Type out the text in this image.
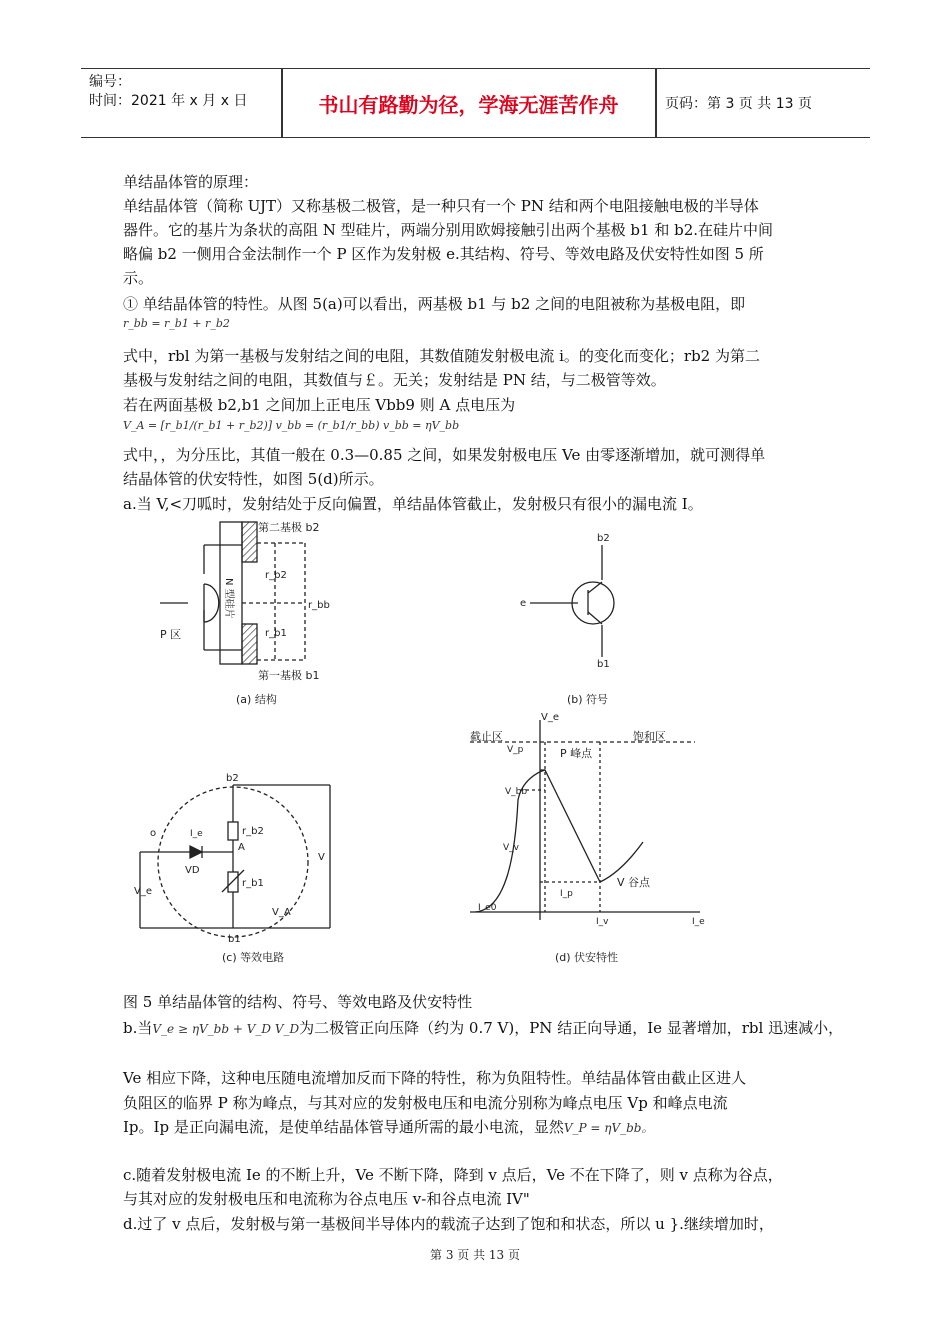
编号：
时间：2021 年 x 月 x 日	书山有路勤为径，学海无涯苦作舟	页码：第 3 页 共 13 页
单结晶体管的原理：
单结晶体管（简称 UJT）又称基极二极管，是一种只有一个 PN 结和两个电阻接触电极的半导体
器件。它的基片为条状的高阻 N 型硅片，两端分别用欧姆接触引出两个基极 b1 和 b2.在硅片中间
略偏 b2 一侧用合金法制作一个 P 区作为发射极 e.其结构、符号、等效电路及伏安特性如图 5 所
示。
① 单结晶体管的特性。从图 5(a)可以看出，两基极 b1 与 b2 之间的电阻被称为基极电阻，即
r_bb = r_b1 + r_b2
式中，rbl 为第一基极与发射结之间的电阻，其数值随发射极电流 i。的变化而变化；rb2 为第二
基极与发射结之间的电阻，其数值与￡。无关；发射结是 PN 结，与二极管等效。
若在两面基极 b2,b1 之间加上正电压 Vbb9 则 A 点电压为
V_A = [r_b1/(r_b1 + r_b2)] v_bb = (r_b1/r_bb) v_bb = ηV_bb
式中，，为分压比，其值一般在 0.3—0.85 之间，如果发射极电压 Ve 由零逐渐增加，就可测得单
结晶体管的伏安特性，如图 5(d)所示。
a.当 V,<刀呱时，发射结处于反向偏置，单结晶体管截止，发射极只有很小的漏电流 I。
第二基极 b2
第一基极 b1
r_b2
r_b1
r_bb
P 区
N 型硅片
(a) 结构
b2
b1
e
(b) 符号
b2
b1
r_b2
r_b1
A
VD
I_e
o
V_e
V_A
V
(c) 等效电路
V_e
截止区	饱和区
V_p
V_bb
P 峰点
V_v
I_p
V 谷点
I_v
I_e0
I_e
(d) 伏安特性
图 5 单结晶体管的结构、符号、等效电路及伏安特性
b.当V_e ≥ ηV_bb + V_D V_D为二极管正向压降（约为 0.7 V)，PN 结正向导通，Ie 显著增加，rbl 迅速减小，
Ve 相应下降，这种电压随电流增加反而下降的特性，称为负阻特性。单结晶体管由截止区进人
负阻区的临界 P 称为峰点，与其对应的发射极电压和电流分别称为峰点电压 Vp 和峰点电流
Ip。Ip 是正向漏电流，是使单结晶体管导通所需的最小电流，显然V_P = ηV_bb。
c.随着发射极电流 Ie 的不断上升，Ve 不断下降，降到 v 点后，Ve 不在下降了，则 v 点称为谷点，
与其对应的发射极电压和电流称为谷点电压 v-和谷点电流 IV"
d.过了 v 点后，发射极与第一基极间半导体内的载流子达到了饱和和状态，所以 u }.继续增加时，
第 3 页 共 13 页
